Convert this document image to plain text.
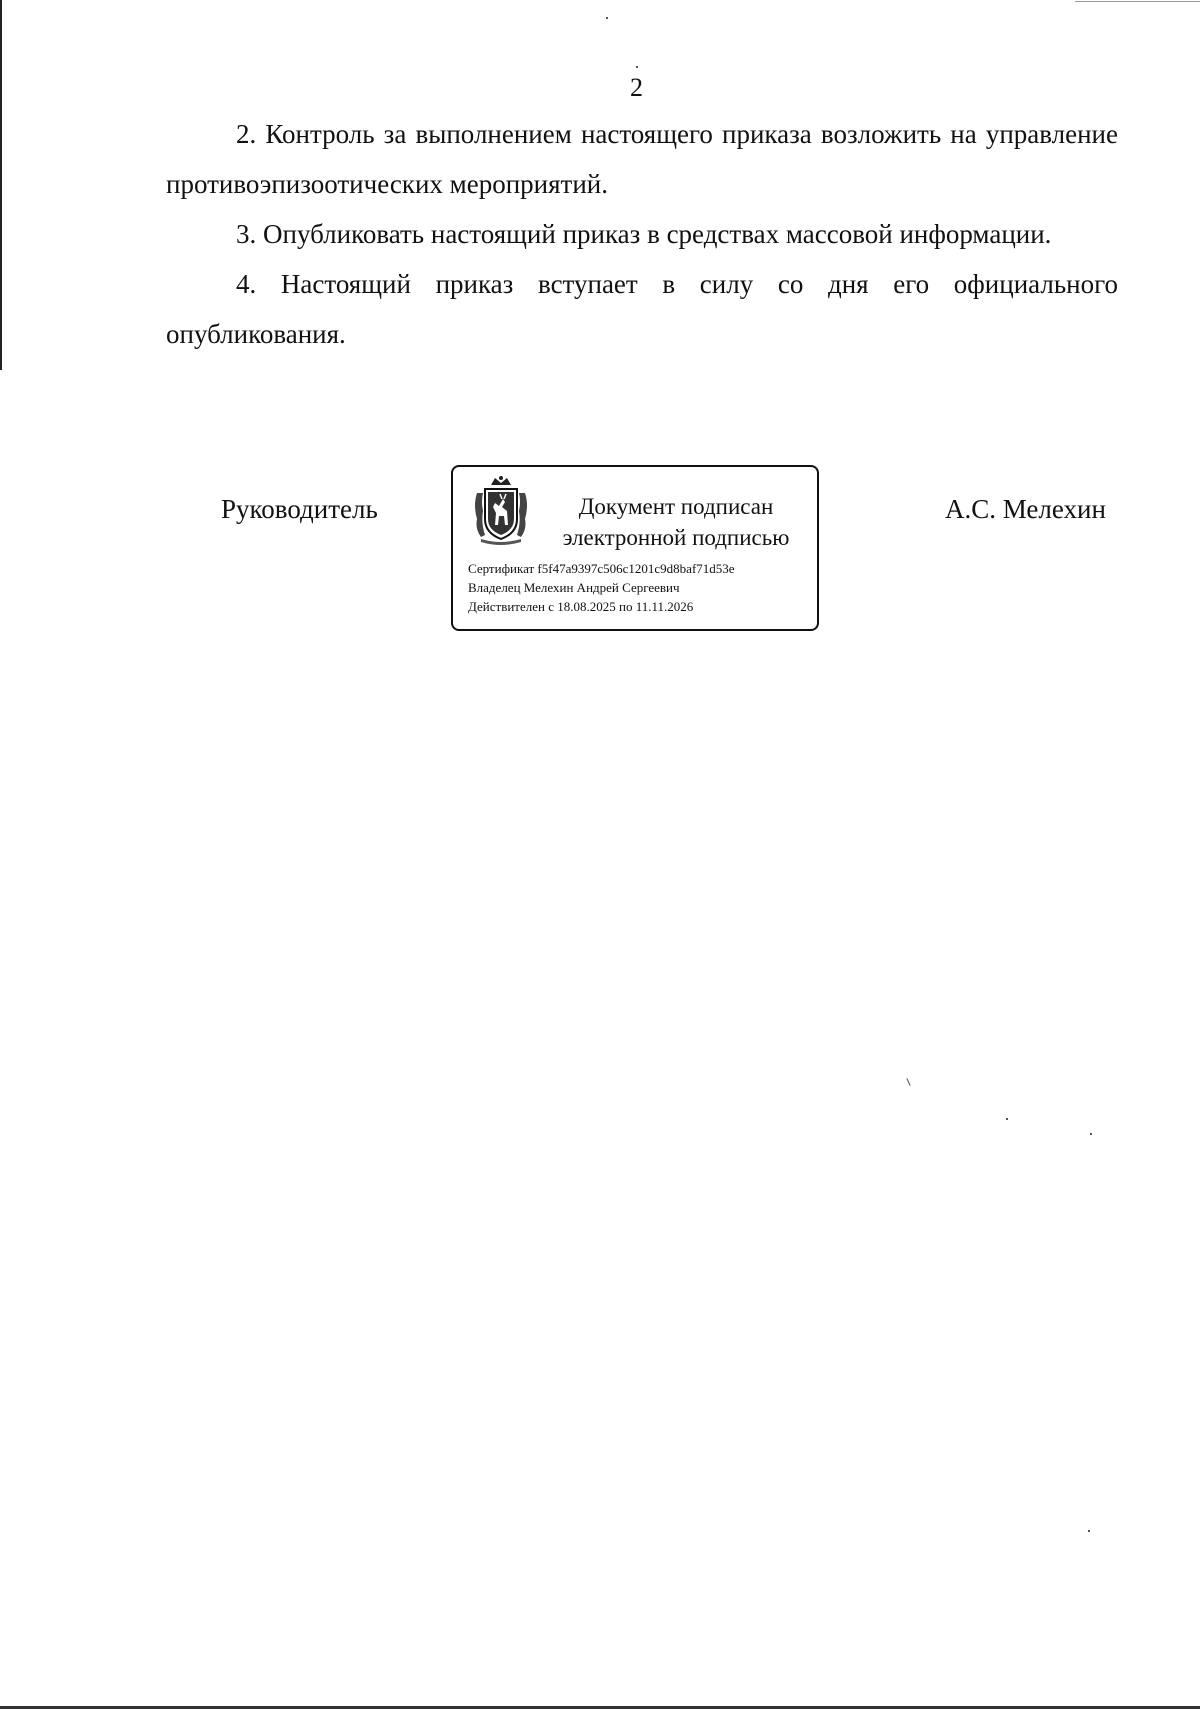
2
2. Контроль за выполнением настоящего приказа возложить на управление противоэпизоотических мероприятий.
3. Опубликовать настоящий приказ в средствах массовой информации.
4. Настоящий приказ вступает в силу со дня его официального опубликования.
Руководитель	Документ подписан
электронной подписью
Сертификат f5f47a9397c506c1201c9d8baf71d53e
Владелец Мелехин Андрей Сергеевич
Действителен с 18.08.2025 по 11.11.2026
А.С. Мелехин
